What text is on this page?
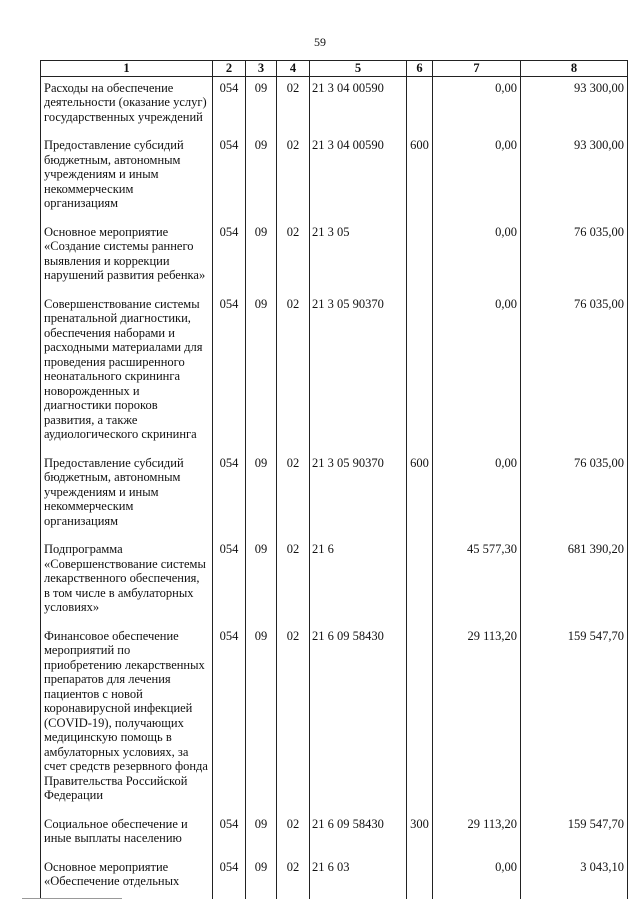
59
1	2	3	4	5	6	7	8
Расходы на обеспечение деятельности (оказание услуг) государственных учреждений	054	09	02	21 3 04 00590		0,00	93 300,00
Предоставление субсидий бюджетным, автономным учреждениям и иным некоммерческим организациям	054	09	02	21 3 04 00590	600	0,00	93 300,00
Основное мероприятие «Создание системы раннего выявления и коррекции нарушений развития ребенка»	054	09	02	21 3 05		0,00	76 035,00
Совершенствование системы пренатальной диагностики, обеспечения наборами и расходными материалами для проведения расширенного неонатального скрининга новорожденных и диагностики пороков развития, а также аудиологического скрининга	054	09	02	21 3 05 90370		0,00	76 035,00
Предоставление субсидий бюджетным, автономным учреждениям и иным некоммерческим организациям	054	09	02	21 3 05 90370	600	0,00	76 035,00
Подпрограмма «Совершенствование системы лекарственного обеспечения, в том числе в амбулаторных условиях»	054	09	02	21 6		45 577,30	681 390,20
Финансовое обеспечение мероприятий по приобретению лекарственных препаратов для лечения пациентов с новой коронавирусной инфекцией (COVID-19), получающих медицинскую помощь в амбулаторных условиях, за счет средств резервного фонда Правительства Российской Федерации	054	09	02	21 6 09 58430		29 113,20	159 547,70
Социальное обеспечение и иные выплаты населению	054	09	02	21 6 09 58430	300	29 113,20	159 547,70
Основное мероприятие «Обеспечение отдельных	054	09	02	21 6 03		0,00	3 043,10
